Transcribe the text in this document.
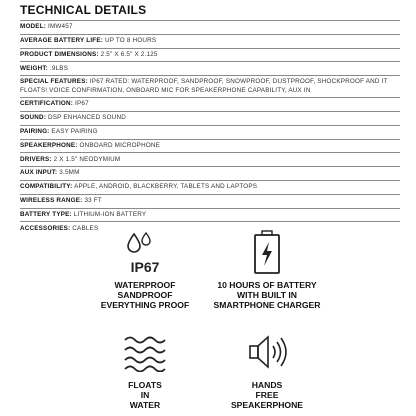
TECHNICAL DETAILS
MODEL: IMW457
AVERAGE BATTERY LIFE: UP TO 8 HOURS
PRODUCT DIMENSIONS: 2.5" X 6.5" X 2.125
WEIGHT: .9LBS
SPECIAL FEATURES: IP67 RATED: WATERPROOF, SANDPROOF, SNOWPROOF, DUSTPROOF, SHOCKPROOF AND IT FLOATS! VOICE CONFIRMATION, ONBOARD MIC FOR SPEAKERPHONE CAPABILITY, AUX IN
CERTIFICATION: IP67
SOUND: DSP ENHANCED SOUND
PAIRING: EASY PAIRING
SPEAKERPHONE: ONBOARD MICROPHONE
DRIVERS: 2 X 1.5" NEODYMIUM
AUX INPUT: 3.5MM
COMPATIBILITY: APPLE, ANDROID, BLACKBERRY, TABLETS AND LAPTOPS
WIRELESS RANGE: 33 FT
BATTERY TYPE: LITHIUM-ION BATTERY
ACCESSORIES: CABLES
IP67
WATERPROOF
SANDPROOF
EVERYTHING PROOF
10 HOURS OF BATTERY
WITH BUILT IN
SMARTPHONE CHARGER
FLOATS
IN
WATER
HANDS
FREE
SPEAKERPHONE
